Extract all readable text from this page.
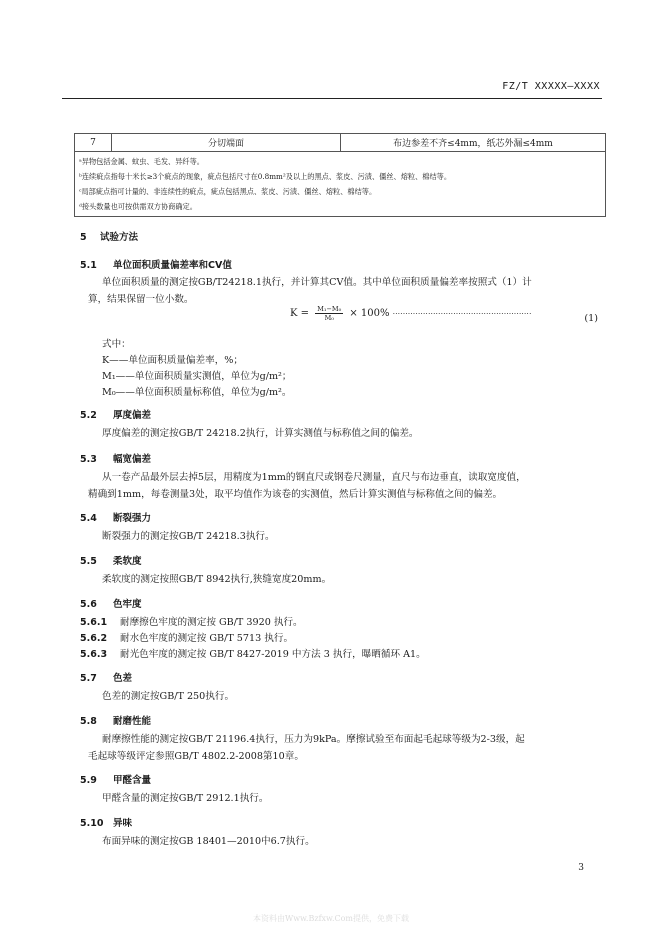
FZ/T XXXXX—XXXX
7	分切端面	布边参差不齐≤4mm，纸芯外漏≤4mm

ᵃ异物包括金属、蚊虫、毛发、异纤等。
ᵇ连续疵点指每十米长≥3个疵点的现象，疵点包括尺寸在0.8mm²及以上的黑点、浆皮、污渍、僵丝、熔粒、棉结等。
ᶜ局部疵点指可计量的、非连续性的疵点，疵点包括黑点、浆皮、污渍、僵丝、熔粒、棉结等。
ᵈ接头数量也可按供需双方协商确定。
5 试验方法
5.1 单位面积质量偏差率和CV值
单位面积质量的测定按GB/T24218.1执行，并计算其CV值。其中单位面积质量偏差率按照式（1）计
算，结果保留一位小数。
$K = \frac{\text{M₁−M₀}}{\text{M₀}} \times 100\%$ ·······················································	(1)
式中：
K——单位面积质量偏差率，%；
M₁——单位面积质量实测值，单位为g/m²；
M₀——单位面积质量标称值，单位为g/m²。
5.2 厚度偏差
厚度偏差的测定按GB/T 24218.2执行，计算实测值与标称值之间的偏差。
5.3 幅宽偏差
从一卷产品最外层去掉5层，用精度为1mm的钢直尺或钢卷尺测量，直尺与布边垂直，读取宽度值，
精确到1mm，每卷测量3处，取平均值作为该卷的实测值，然后计算实测值与标称值之间的偏差。
5.4 断裂强力
断裂强力的测定按GB/T 24218.3执行。
5.5 柔软度
柔软度的测定按照GB/T 8942执行,狭缝宽度20mm。
5.6 色牢度
5.6.1 耐摩擦色牢度的测定按 GB/T 3920 执行。
5.6.2 耐水色牢度的测定按 GB/T 5713 执行。
5.6.3 耐光色牢度的测定按 GB/T 8427-2019 中方法 3 执行，曝晒循环 A1。
5.7 色差
色差的测定按GB/T 250执行。
5.8 耐磨性能
耐摩擦性能的测定按GB/T 21196.4执行，压力为9kPa。摩擦试验至布面起毛起球等级为2-3级，起
毛起球等级评定参照GB/T 4802.2-2008第10章。
5.9 甲醛含量
甲醛含量的测定按GB/T 2912.1执行。
5.10 异味
布面异味的测定按GB 18401—2010中6.7执行。
3
本资料由Www.Bzfxw.Com提供，免费下载
